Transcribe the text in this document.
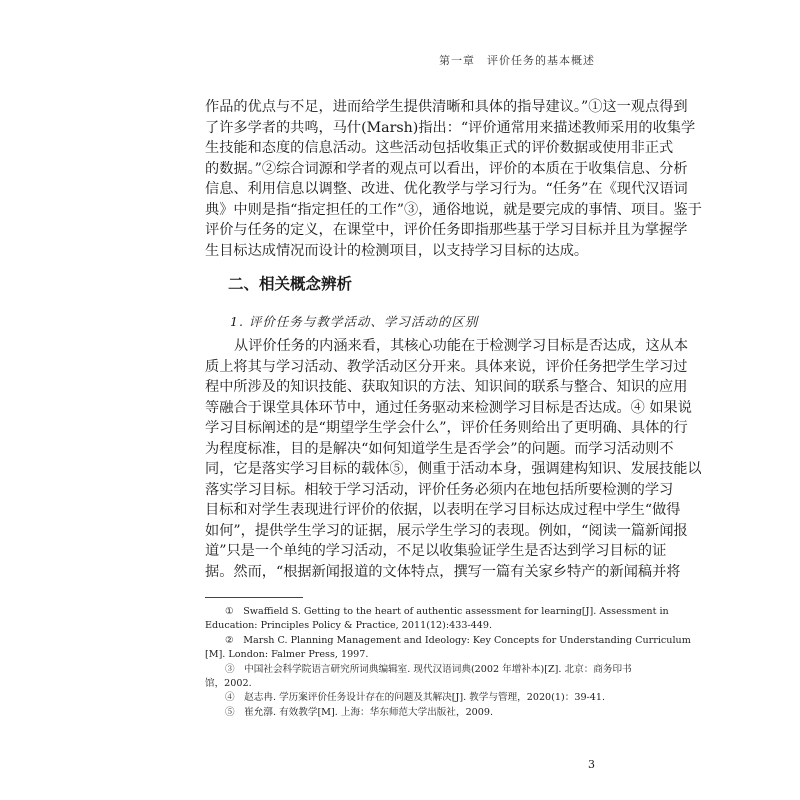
第一章　评价任务的基本概述
作品的优点与不足，进而给学生提供清晰和具体的指导建议。”①这一观点得到
了许多学者的共鸣，马什(Marsh)指出：“评价通常用来描述教师采用的收集学
生技能和态度的信息活动。这些活动包括收集正式的评价数据或使用非正式
的数据。”②综合词源和学者的观点可以看出，评价的本质在于收集信息、分析
信息、利用信息以调整、改进、优化教学与学习行为。“任务”在《现代汉语词
典》中则是指“指定担任的工作”③，通俗地说，就是要完成的事情、项目。鉴于
评价与任务的定义，在课堂中，评价任务即指那些基于学习目标并且为掌握学
生目标达成情况而设计的检测项目，以支持学习目标的达成。
二、相关概念辨析
1. 评价任务与教学活动、学习活动的区别
从评价任务的内涵来看，其核心功能在于检测学习目标是否达成，这从本
质上将其与学习活动、教学活动区分开来。具体来说，评价任务把学生学习过
程中所涉及的知识技能、获取知识的方法、知识间的联系与整合、知识的应用
等融合于课堂具体环节中，通过任务驱动来检测学习目标是否达成。④ 如果说
学习目标阐述的是“期望学生学会什么”，评价任务则给出了更明确、具体的行
为程度标准，目的是解决“如何知道学生是否学会”的问题。而学习活动则不
同，它是落实学习目标的载体⑤，侧重于活动本身，强调建构知识、发展技能以
落实学习目标。相较于学习活动，评价任务必须内在地包括所要检测的学习
目标和对学生表现进行评价的依据，以表明在学习目标达成过程中学生“做得
如何”，提供学生学习的证据，展示学生学习的表现。例如，“阅读一篇新闻报
道”只是一个单纯的学习活动，不足以收集验证学生是否达到学习目标的证
据。然而，“根据新闻报道的文体特点，撰写一篇有关家乡特产的新闻稿并将
①　Swaffield S. Getting to the heart of authentic assessment for learning[J]. Assessment in
Education: Principles Policy & Practice, 2011(12):433-449.
②　Marsh C. Planning Management and Ideology: Key Concepts for Understanding Curriculum
[M]. London: Falmer Press, 1997.
③　中国社会科学院语言研究所词典编辑室. 现代汉语词典(2002 年增补本)[Z]. 北京：商务印书
馆，2002.
④　赵志冉. 学历案评价任务设计存在的问题及其解决[J]. 教学与管理，2020(1)：39-41.
⑤　崔允漷. 有效教学[M]. 上海：华东师范大学出版社，2009.
3
